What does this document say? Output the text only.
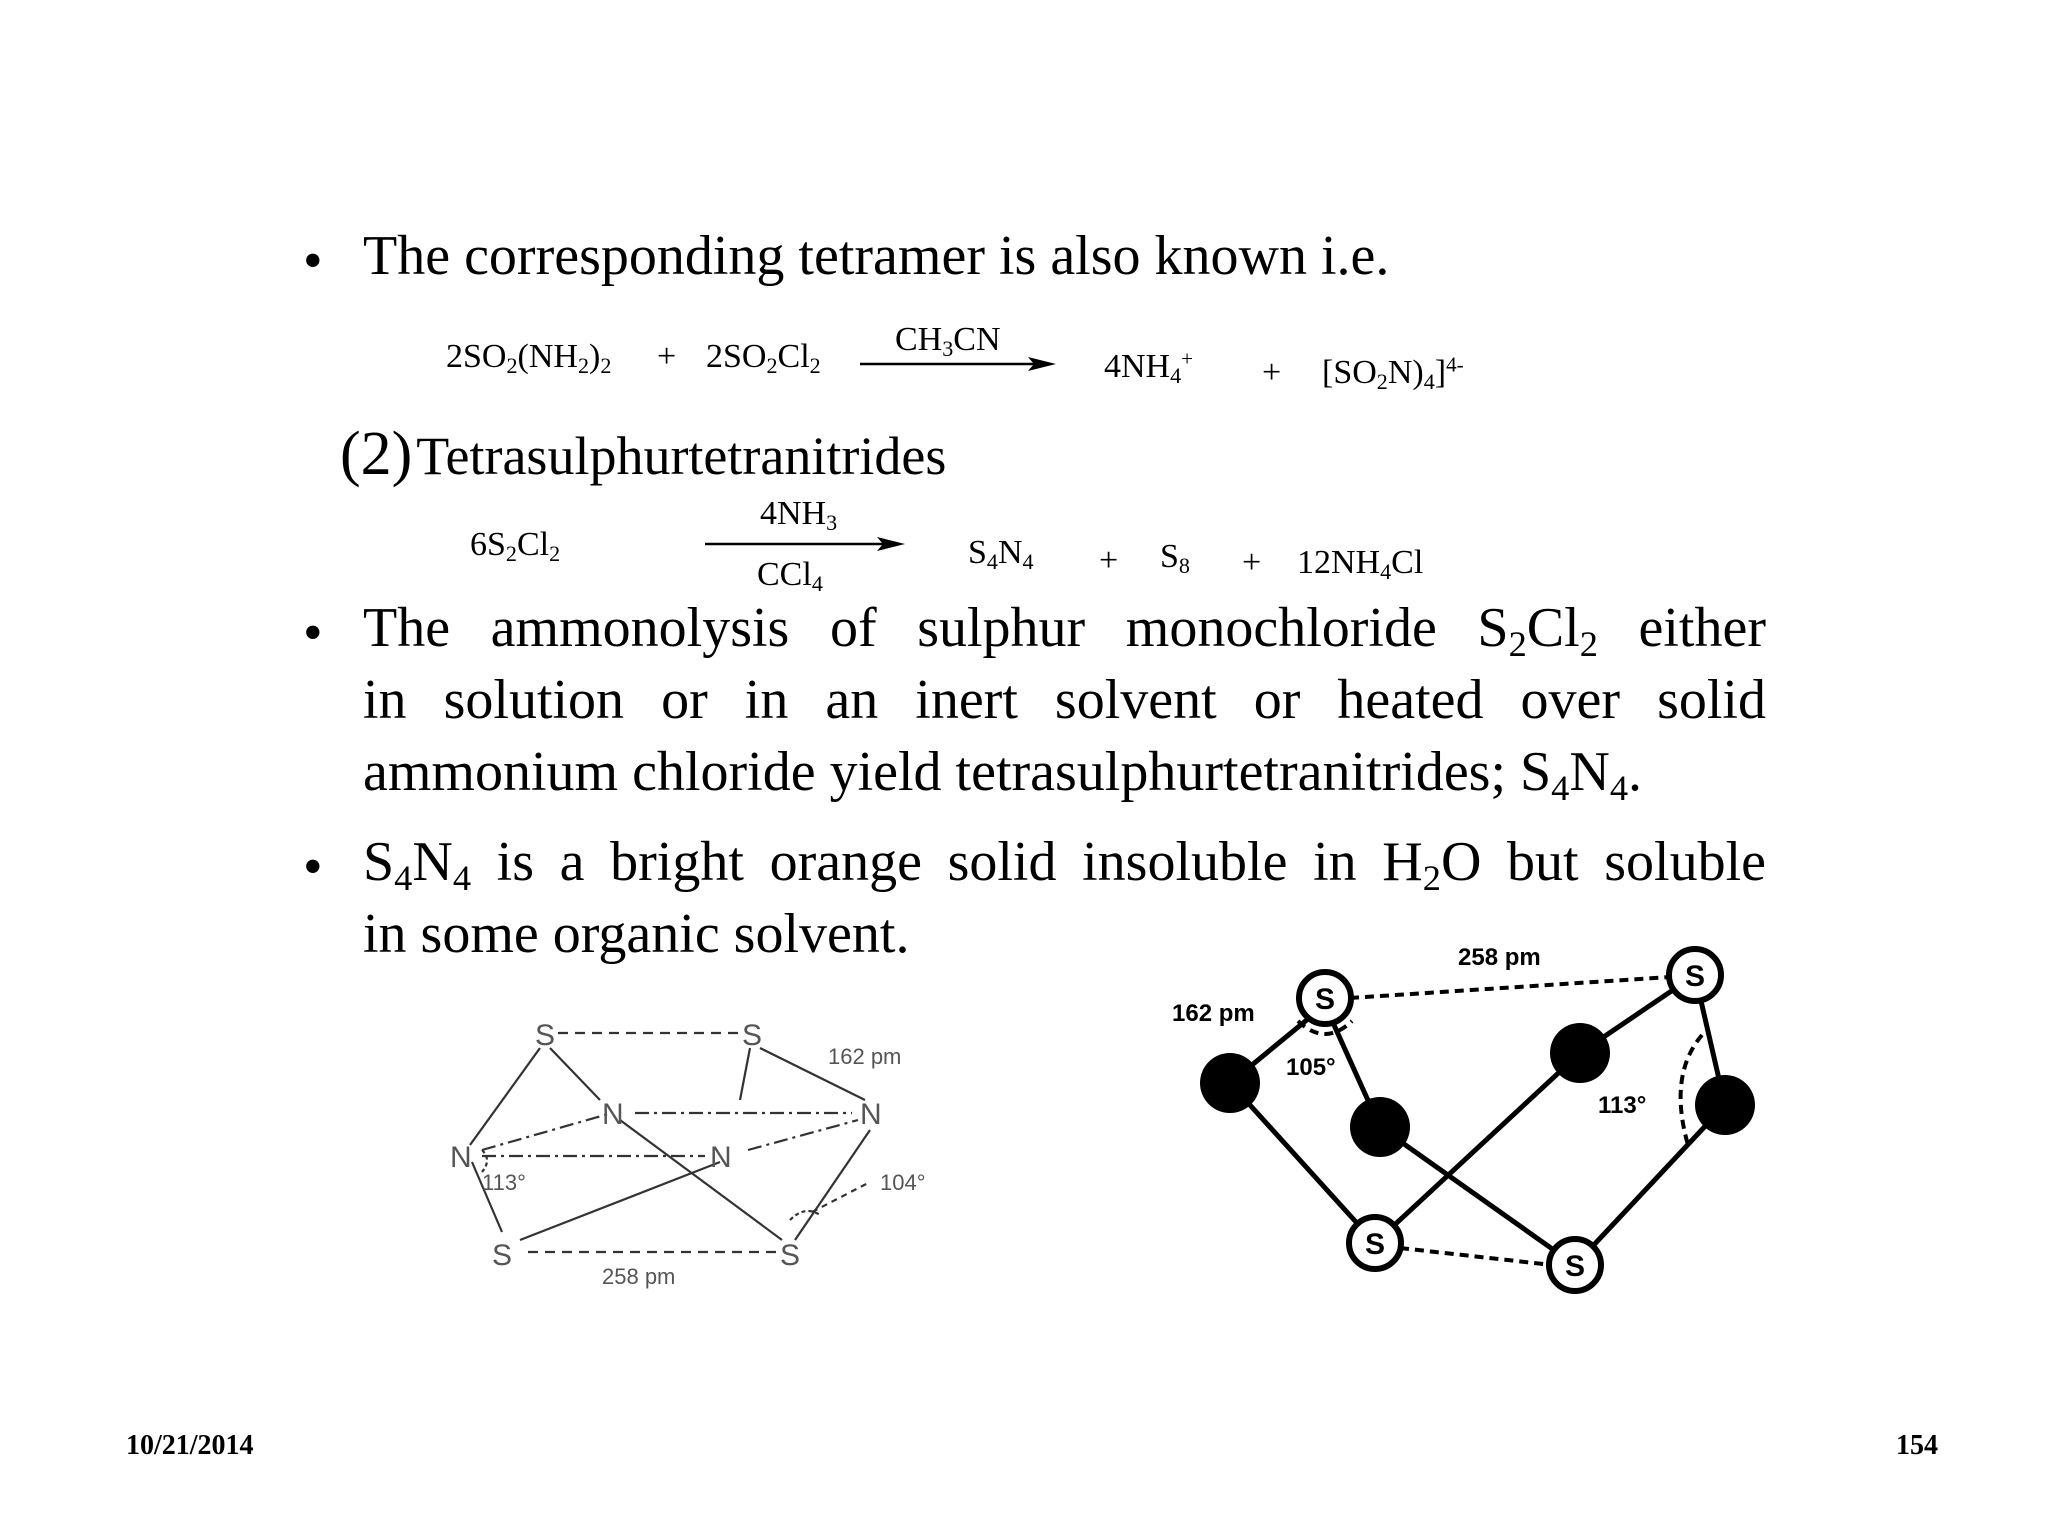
• The corresponding tetramer is also known i.e.
$2SO_2(NH_2)_2 + 2SO_2Cl_2$
$CH_3CN$
$4NH_4^+ + [SO_2N)_4]^{4-}$
(2) Tetrasulphurtetranitrides
$6S_2Cl_2$
$4NH_3$
CCl$_4$
$S_4N_4 + S_8 + 12NH_4Cl$
• The ammonolysis of sulphur monochloride $S_2Cl_2$ either
in solution or in an inert solvent or heated over solid
ammonium chloride yield tetrasulphurtetranitrides; $S_4N_4$.
• $S_4N_4$ is a bright orange solid insoluble in $H_2O$ but soluble
in some organic solvent.
S	S
N	N
N	N
S	S
162 pm
104°
113°
258 pm
S
S
S
S
258 pm
162 pm
105°
113°
10/21/2014	154
